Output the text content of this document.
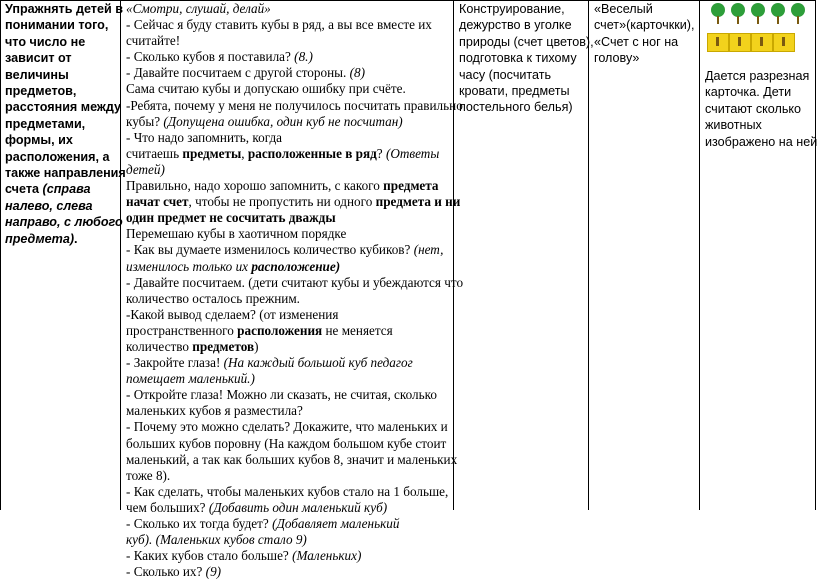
Упражнять детей в
понимании того,
что число не
зависит от
величины
предметов,
расстояния между
предметами,
формы, их
расположения, а
также направления
счета (справа
налево, слева
направо, с любого
предмета).
«Смотри, слушай, делай»
- Сейчас я буду ставить кубы в ряд, а вы все вместе их
считайте!
- Сколько кубов я поставила? (8.)
- Давайте посчитаем с другой стороны. (8)
Сама считаю кубы и допускаю ошибку при счёте.
-Ребята, почему у меня не получилось посчитать правильно
кубы? (Допущена ошибка, один куб не посчитан)
- Что надо запомнить, когда
считаешь предметы, расположенные в ряд? (Ответы
детей)
Правильно, надо хорошо запомнить, с какого предмета
начат счет, чтобы не пропустить ни одного предмета и ни
один предмет не сосчитать дважды
Перемешаю кубы в хаотичном порядке
- Как вы думаете изменилось количество кубиков? (нет,
изменилось только их расположение)
- Давайте посчитаем. (дети считают кубы и убеждаются что
количество осталось прежним.
-Какой вывод сделаем? (от изменения
пространственного расположения не меняется
количество предметов)
- Закройте глаза! (На каждый большой куб педагог
помещает маленький.)
- Откройте глаза! Можно ли сказать, не считая, сколько
маленьких кубов я разместила?
- Почему это можно сделать? Докажите, что маленьких и
больших кубов поровну (На каждом большом кубе стоит
маленький, а так как больших кубов 8, значит и маленьких
тоже 8).
- Как сделать, чтобы маленьких кубов стало на 1 больше,
чем больших? (Добавить один маленький куб)
- Сколько их тогда будет? (Добавляет маленький
куб). (Маленьких кубов стало 9)
- Каких кубов стало больше? (Маленьких)
- Сколько их? (9)
Конструирование,
дежурство в уголке
природы (счет цветов),
подготовка к тихому
часу (посчитать
кровати, предметы
постельного белья)
«Веселый
счет»(карточкки),
«Счет с ног на
голову»
Дается разрезная
карточка. Дети
считают сколько
животных
изображено на ней
